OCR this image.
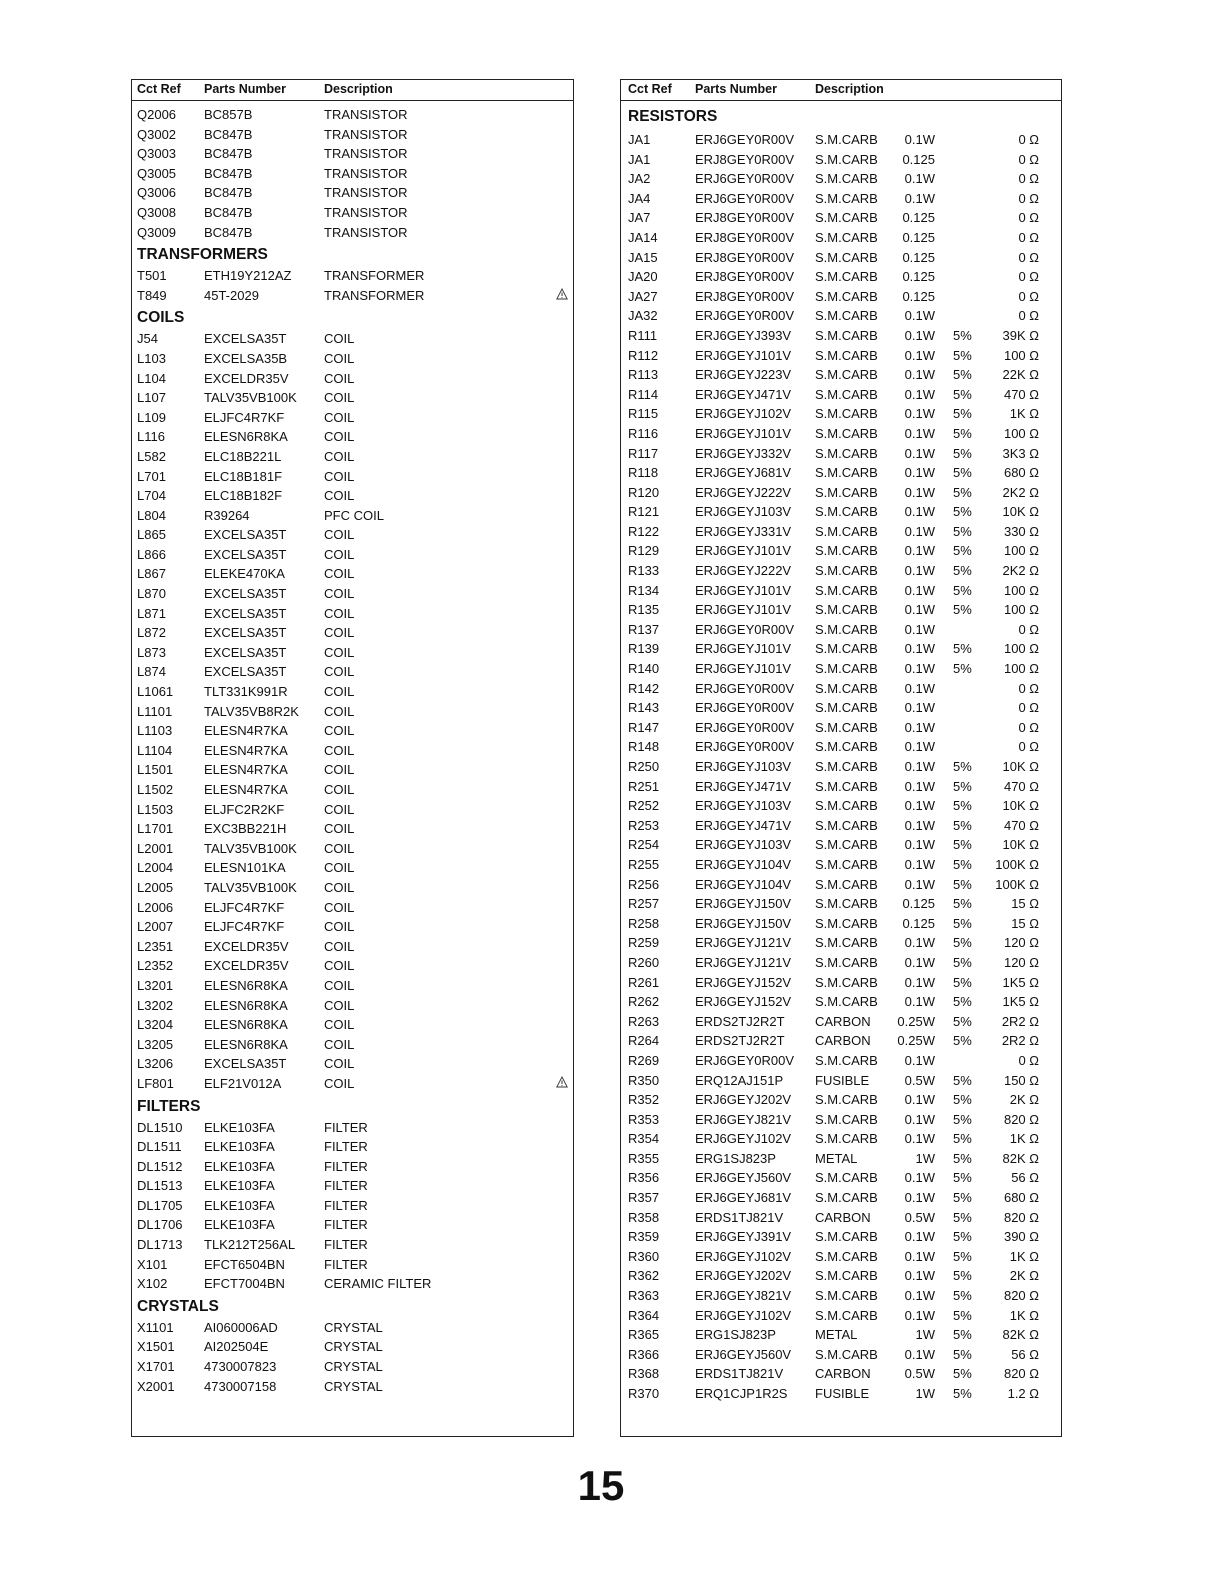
Cct Ref Parts Number	Description
Q2006 BC857B	TRANSISTOR
Q3002 BC847B	TRANSISTOR
Q3003 BC847B	TRANSISTOR
Q3005 BC847B	TRANSISTOR
Q3006 BC847B	TRANSISTOR
Q3008 BC847B	TRANSISTOR
Q3009 BC847B	TRANSISTOR
TRANSFORMERS
T501	ETH19Y212AZ	TRANSFORMER
T849	45T-2029	TRANSFORMER
COILS
J54	EXCELSA35T	COIL
L103	EXCELSA35B	COIL
L104	EXCELDR35V	COIL
L107	TALV35VB100K COIL
L109	ELJFC4R7KF	COIL
L116	ELESN6R8KA	COIL
L582	ELC18B221L	COIL
L701	ELC18B181F	COIL
L704	ELC18B182F	COIL
L804	R39264	PFC COIL
L865	EXCELSA35T	COIL
L866	EXCELSA35T	COIL
L867	ELEKE470KA	COIL
L870	EXCELSA35T	COIL
L871	EXCELSA35T	COIL
L872	EXCELSA35T	COIL
L873	EXCELSA35T	COIL
L874	EXCELSA35T	COIL
L1061 TLT331K991R	COIL
L1101 TALV35VB8R2K COIL
L1103 ELESN4R7KA	COIL
L1104 ELESN4R7KA	COIL
L1501 ELESN4R7KA	COIL
L1502 ELESN4R7KA	COIL
L1503 ELJFC2R2KF	COIL
L1701 EXC3BB221H	COIL
L2001 TALV35VB100K COIL
L2004 ELESN101KA	COIL
L2005 TALV35VB100K COIL
L2006 ELJFC4R7KF	COIL
L2007 ELJFC4R7KF	COIL
L2351 EXCELDR35V	COIL
L2352 EXCELDR35V	COIL
L3201 ELESN6R8KA	COIL
L3202 ELESN6R8KA	COIL
L3204 ELESN6R8KA	COIL
L3205 ELESN6R8KA	COIL
L3206 EXCELSA35T	COIL
LF801 ELF21V012A	COIL
FILTERS
DL1510 ELKE103FA	FILTER
DL1511 ELKE103FA	FILTER
DL1512 ELKE103FA	FILTER
DL1513 ELKE103FA	FILTER
DL1705 ELKE103FA	FILTER
DL1706 ELKE103FA	FILTER
DL1713 TLK212T256AL FILTER
X101	EFCT6504BN	FILTER
X102	EFCT7004BN	CERAMIC FILTER
CRYSTALS
X1101 AI060006AD	CRYSTAL
X1501 AI202504E	CRYSTAL
X1701 4730007823	CRYSTAL
X2001 4730007158	CRYSTAL
Cct Ref Parts Number	Description
RESISTORS
JA1	ERJ6GEY0R00V S.M.CARB 0.1W	0 Ω
JA1	ERJ8GEY0R00V S.M.CARB 0.125	0 Ω
JA2	ERJ6GEY0R00V S.M.CARB 0.1W	0 Ω
JA4	ERJ6GEY0R00V S.M.CARB 0.1W	0 Ω
JA7	ERJ8GEY0R00V S.M.CARB 0.125	0 Ω
JA14	ERJ8GEY0R00V S.M.CARB 0.125	0 Ω
JA15	ERJ8GEY0R00V S.M.CARB 0.125	0 Ω
JA20	ERJ8GEY0R00V S.M.CARB 0.125	0 Ω
JA27	ERJ8GEY0R00V S.M.CARB 0.125	0 Ω
JA32	ERJ6GEY0R00V S.M.CARB 0.1W	0 Ω
R111	ERJ6GEYJ393V S.M.CARB 0.1W 5% 39K Ω
R112	ERJ6GEYJ101V S.M.CARB 0.1W 5% 100 Ω
R113	ERJ6GEYJ223V S.M.CARB 0.1W 5% 22K Ω
R114	ERJ6GEYJ471V S.M.CARB 0.1W 5% 470 Ω
R115	ERJ6GEYJ102V S.M.CARB 0.1W 5%	1K Ω
R116	ERJ6GEYJ101V S.M.CARB 0.1W 5% 100 Ω
R117	ERJ6GEYJ332V S.M.CARB 0.1W 5% 3K3 Ω
R118	ERJ6GEYJ681V S.M.CARB 0.1W 5% 680 Ω
R120	ERJ6GEYJ222V S.M.CARB 0.1W 5% 2K2 Ω
R121	ERJ6GEYJ103V S.M.CARB 0.1W 5% 10K Ω
R122	ERJ6GEYJ331V S.M.CARB 0.1W 5% 330 Ω
R129	ERJ6GEYJ101V S.M.CARB 0.1W 5% 100 Ω
R133	ERJ6GEYJ222V S.M.CARB 0.1W 5% 2K2 Ω
R134	ERJ6GEYJ101V S.M.CARB 0.1W 5% 100 Ω
R135	ERJ6GEYJ101V S.M.CARB 0.1W 5% 100 Ω
R137	ERJ6GEY0R00V S.M.CARB 0.1W	0 Ω
R139	ERJ6GEYJ101V S.M.CARB 0.1W 5% 100 Ω
R140	ERJ6GEYJ101V S.M.CARB 0.1W 5% 100 Ω
R142	ERJ6GEY0R00V S.M.CARB 0.1W	0 Ω
R143	ERJ6GEY0R00V S.M.CARB 0.1W	0 Ω
R147	ERJ6GEY0R00V S.M.CARB 0.1W	0 Ω
R148	ERJ6GEY0R00V S.M.CARB 0.1W	0 Ω
R250	ERJ6GEYJ103V S.M.CARB 0.1W 5% 10K Ω
R251	ERJ6GEYJ471V S.M.CARB 0.1W 5% 470 Ω
R252	ERJ6GEYJ103V S.M.CARB 0.1W 5% 10K Ω
R253	ERJ6GEYJ471V S.M.CARB 0.1W 5% 470 Ω
R254	ERJ6GEYJ103V S.M.CARB 0.1W 5% 10K Ω
R255	ERJ6GEYJ104V S.M.CARB 0.1W 5% 100K Ω
R256	ERJ6GEYJ104V S.M.CARB 0.1W 5% 100K Ω
R257	ERJ6GEYJ150V S.M.CARB 0.125 5%	15 Ω
R258	ERJ6GEYJ150V S.M.CARB 0.125 5%	15 Ω
R259	ERJ6GEYJ121V S.M.CARB 0.1W 5% 120 Ω
R260	ERJ6GEYJ121V S.M.CARB 0.1W 5% 120 Ω
R261	ERJ6GEYJ152V S.M.CARB 0.1W 5% 1K5 Ω
R262	ERJ6GEYJ152V S.M.CARB 0.1W 5% 1K5 Ω
R263	ERDS2TJ2R2T CARBON 0.25W 5% 2R2 Ω
R264	ERDS2TJ2R2T CARBON 0.25W 5% 2R2 Ω
R269	ERJ6GEY0R00V S.M.CARB 0.1W	0 Ω
R350	ERQ12AJ151P FUSIBLE	0.5W 5% 150 Ω
R352	ERJ6GEYJ202V S.M.CARB 0.1W 5%	2K Ω
R353	ERJ6GEYJ821V S.M.CARB 0.1W 5% 820 Ω
R354	ERJ6GEYJ102V S.M.CARB 0.1W 5%	1K Ω
R355	ERG1SJ823P	METAL	1W 5% 82K Ω
R356	ERJ6GEYJ560V S.M.CARB 0.1W 5%	56 Ω
R357	ERJ6GEYJ681V S.M.CARB 0.1W 5% 680 Ω
R358	ERDS1TJ821V CARBON	0.5W 5% 820 Ω
R359	ERJ6GEYJ391V S.M.CARB 0.1W 5% 390 Ω
R360	ERJ6GEYJ102V S.M.CARB 0.1W 5%	1K Ω
R362	ERJ6GEYJ202V S.M.CARB 0.1W 5%	2K Ω
R363	ERJ6GEYJ821V S.M.CARB 0.1W 5% 820 Ω
R364	ERJ6GEYJ102V S.M.CARB 0.1W 5%	1K Ω
R365	ERG1SJ823P	METAL	1W 5% 82K Ω
R366	ERJ6GEYJ560V S.M.CARB 0.1W 5%	56 Ω
R368	ERDS1TJ821V CARBON	0.5W 5% 820 Ω
R370	ERQ1CJP1R2S FUSIBLE	1W 5%	1.2 Ω
15
